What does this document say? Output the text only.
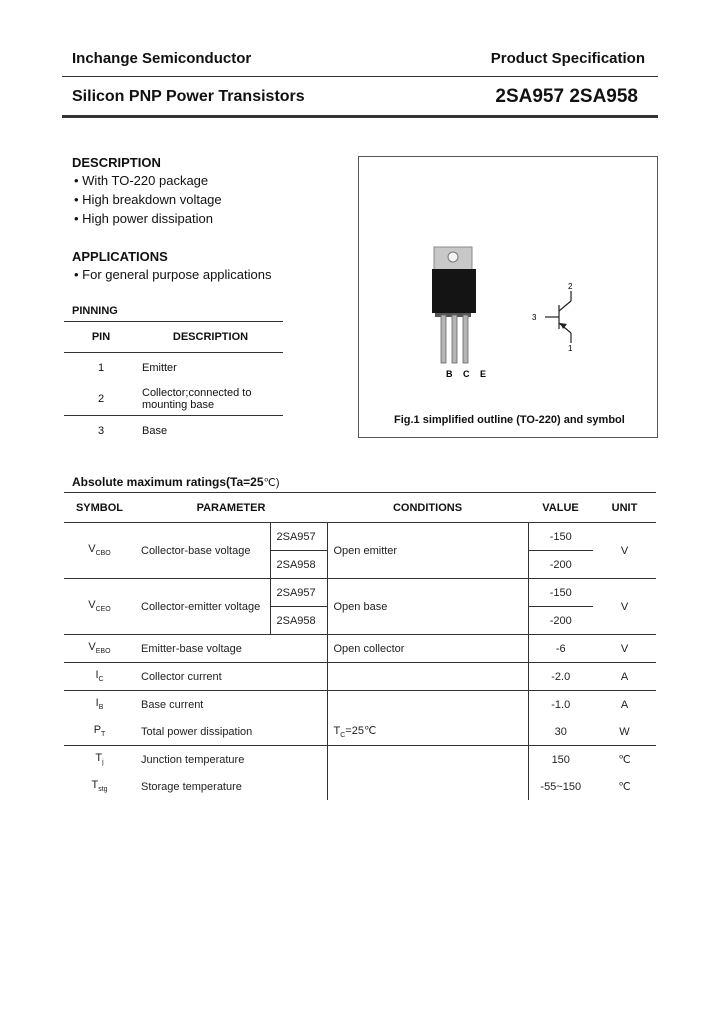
Inchange Semiconductor	Product Specification
Silicon PNP Power Transistors	2SA957 2SA958
DESCRIPTION
• With TO-220 package
• High breakdown voltage
• High power dissipation
APPLICATIONS
• For general purpose applications
PINNING
PIN	DESCRIPTION
1	Emitter
2	Collector;connected to mounting base
3	Base
B C E
2
3
1
Fig.1 simplified outline (TO-220) and symbol
Absolute maximum ratings(Ta=25℃)
SYMBOL	PARAMETER		CONDITIONS	VALUE	UNIT
$V_{CBO}$	Collector-base voltage	2SA957	Open emitter	-150	V
		2SA958		-200	
$V_{CEO}$	Collector-emitter voltage	2SA957	Open base	-150	V
		2SA958		-200	
$V_{EBO}$	Emitter-base voltage		Open collector	-6	V
$I_C$	Collector current			-2.0	A
$I_B$	Base current			-1.0	A
$P_T$	Total power dissipation		$T_C=25℃$	30	W
$T_j$	Junction temperature			150	℃
$T_{stg}$	Storage temperature			-55~150	℃
